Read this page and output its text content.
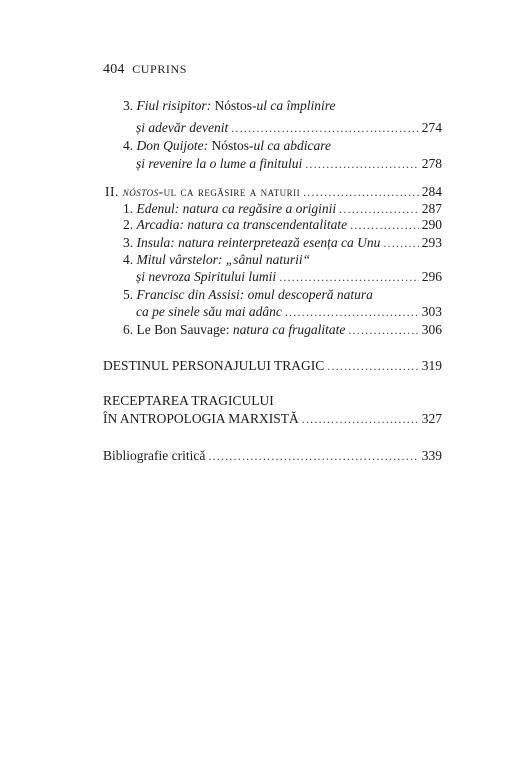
404 CUPRINS
3. Fiul risipitor: Nóstos-ul ca împlinire
și adevăr devenit .....	274
4. Don Quijote: Nóstos-ul ca abdicare
și revenire la o lume a finitului .....	278
II. nóstos-ul ca regăsire a naturii .....	284
1. Edenul: natura ca regăsire a originii .....	287
2. Arcadia: natura ca transcendentalitate .....	290
3. Insula: natura reinterpretează esența ca Unu .....	293
4. Mitul vârstelor: „sânul naturii“
și nevroza Spiritului lumii .....	296
5. Francisc din Assisi: omul descoperă natura
ca pe sinele său mai adânc .....	303
6. Le Bon Sauvage: natura ca frugalitate .....	306
DESTINUL PERSONAJULUI TRAGIC .....	319
RECEPTAREA TRAGICULUI
ÎN ANTROPOLOGIA MARXISTĂ .....	327
Bibliografie critică .....	339
